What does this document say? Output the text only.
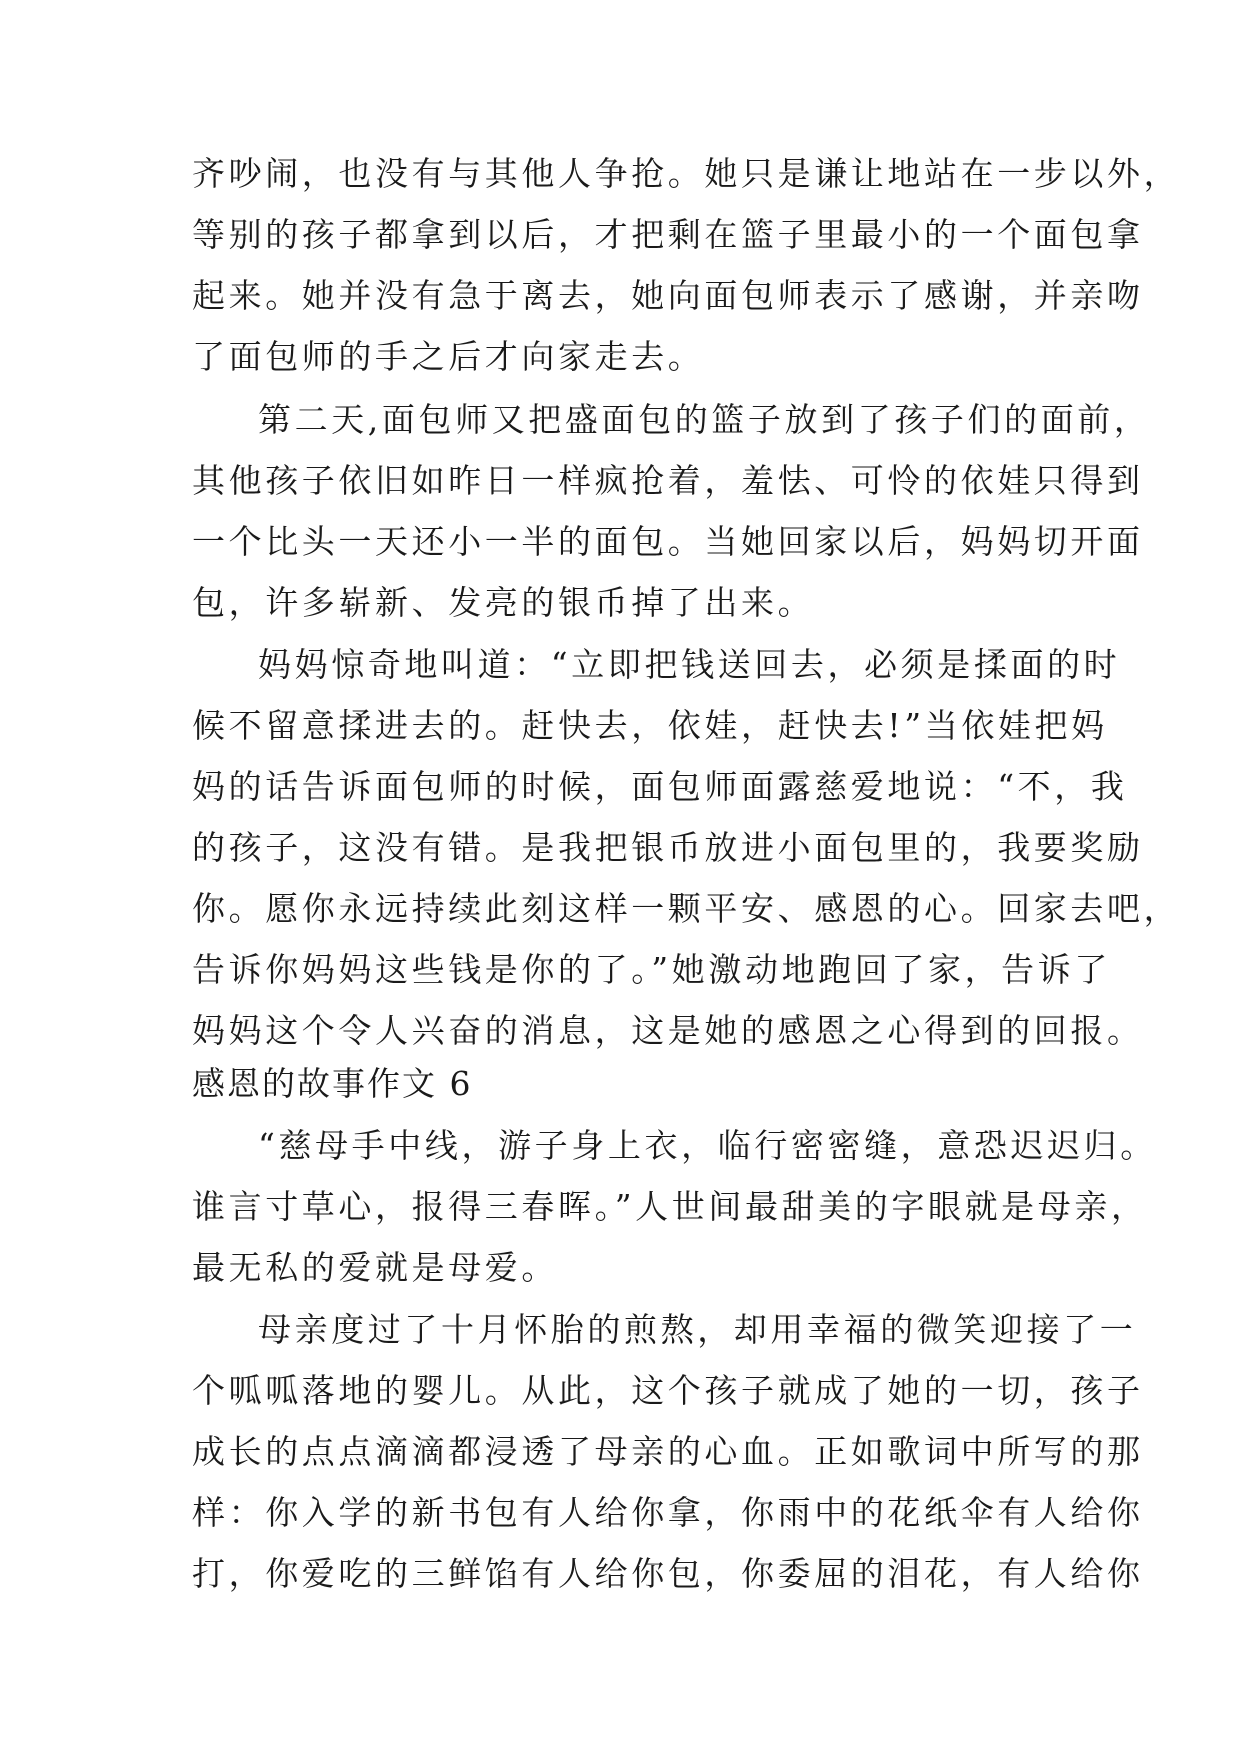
齐吵闹，也没有与其他人争抢。她只是谦让地站在一步以外，

等别的孩子都拿到以后，才把剩在篮子里最小的一个面包拿

起来。她并没有急于离去，她向面包师表示了感谢，并亲吻

了面包师的手之后才向家走去。

第二天,面包师又把盛面包的篮子放到了孩子们的面前，

其他孩子依旧如昨日一样疯抢着，羞怯、可怜的依娃只得到

一个比头一天还小一半的面包。当她回家以后，妈妈切开面

包，许多崭新、发亮的银币掉了出来。

妈妈惊奇地叫道：“立即把钱送回去，必须是揉面的时

候不留意揉进去的。赶快去，依娃，赶快去!”当依娃把妈

妈的话告诉面包师的时候，面包师面露慈爱地说：“不，我

的孩子，这没有错。是我把银币放进小面包里的，我要奖励

你。愿你永远持续此刻这样一颗平安、感恩的心。回家去吧，

告诉你妈妈这些钱是你的了。”她激动地跑回了家，告诉了

妈妈这个令人兴奋的消息，这是她的感恩之心得到的回报。

感恩的故事作文 6

“慈母手中线，游子身上衣，临行密密缝，意恐迟迟归。

谁言寸草心，报得三春晖。”人世间最甜美的字眼就是母亲，

最无私的爱就是母爱。

母亲度过了十月怀胎的煎熬，却用幸福的微笑迎接了一

个呱呱落地的婴儿。从此，这个孩子就成了她的一切，孩子

成长的点点滴滴都浸透了母亲的心血。正如歌词中所写的那

样：你入学的新书包有人给你拿，你雨中的花纸伞有人给你

打，你爱吃的三鲜馅有人给你包，你委屈的泪花，有人给你
